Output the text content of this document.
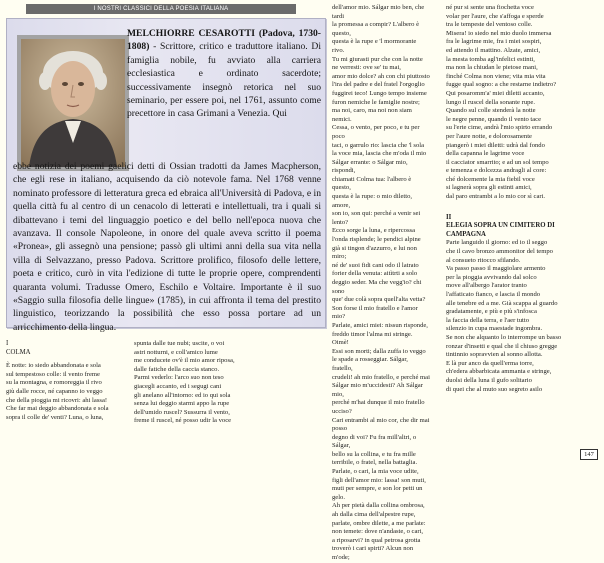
I NOSTRI CLASSICI DELLA POESIA ITALIANA
MELCHIORRE CESAROTTI (Padova, 1730-1808) - Scrittore, critico e traduttore italiano. Di famiglia nobile, fu avviato alla carriera ecclesiastica e ordinato sacerdote; successivamente insegnò retorica nel suo seminario, per essere poi, nel 1761, assunto come precettore in casa Grimani a Venezia. Qui
ebbe notizia dei poemi gaelici detti di Ossian tradotti da James Macpherson, che egli rese in italiano, acquisendo da ciò notevole fama. Nel 1768 venne nominato professore di letteratura greca ed ebraica all'Università di Padova, e in quella città fu al centro di un cenacolo di letterati e intellettuali, tra i quali si dibattevano i temi del linguaggio poetico e del bello nell'epoca nuova che avanzava. Il console Napoleone, in onore del quale aveva scritto il poema «Pronea», gli assegnò una pensione; passò gli ultimi anni della sua vita nella villa di Selvazzano, presso Padova. Scrittore prolifico, filosofo delle lettere, poeta e critico, curò in vita l'edizione di tutte le proprie opere, comprendenti quaranta volumi. Tradusse Omero, Eschilo e Voltaire. Importante è il suo «Saggio sulla filosofia delle lingue» (1785), in cui affronta il tema del prestito linguistico, teorizzando la possibilità che esso possa portare ad un arricchimento della lingua.

I

COLMA

È notte: io siedo abbandonata e sola
sul tempestoso colle: il vento freme
su la montagna, e romoreggia il rivo
giù dalle rocce, né capanno io veggo
che della pioggia mi ricovri: ahi lassa!
Che far mai deggio abbandonata e sola
sopra il colle de' venti? Luna, o luna,

spunta dalle tue nubi; uscite, o voi
astri notturni, e coll'amico lume
me conducete ov'è il mio amor riposa,
dalle fatiche della caccia stanco.
Parmi vederlo: l'arco suo non teso
giacegli accanto, ed i segugi cani
gli anelano all'intorno: ed io qui sola
senza lui deggio starmi appo la rupe
dell'umido ruscel? Sussurra il vento,
freme il ruscel, né posso udir la voce

dell'amor mio. Sálgar mio ben, che tardi
la promessa a compir? L'albero è questo,
questa è la rupe e 'l mormorante rivo.
Tu mi giurasti pur che con la notte
ne verresti: ove se' tu mai,
amor mio dolce? ah con chi piuttosto
l'ira del padre e del fratel l'orgoglio
fuggirei teco! Lungo tempo insieme
furon nemiche le famiglie nostre;
ma noi, caro, ma noi non siam nemici.
Cessa, o vento, per poco, e tu per poco
taci, o garrulo rio: lascia che 'l sola
la voce mia, lascia che m'oda il mio
Sálgar errante: o Sálgar mio, rispondi,
chiamati Colma tua: l'albero è questo,
questa è la rupe: o mio diletto, amore,
son io, son qui: perché a venir sei lento?
Ecco sorge la luna, e ripercossa
l'onda risplende; le pendici alpine
già si tingon d'azzurro, e lui non miro;
né de' suoi fidi cani odo il latrato
forier della venuta: aitìtrti a solo
deggio seder. Ma che vegg'io? chi sono
que' due colà sopra quell'alta vetta?
Son forse il mio fratello e l'amor mio?
Parlate, amici miei: nissun risponde,
freddo timor l'alma mi stringe. Oimè!
Essi son morti; dalla zuffa io veggo
le spade a rosseggiar. Sálgar, fratello,
crudeli! ah mio fratello, e perché mai
Sálgar mio m'uccidesti? Ah Sálgar mio,
perché m'hai dunque il mio fratello ucciso?
Cari entrambi al mio cor, che dir mai posso
degno di voi? Fu fra mill'altri, o Sálgar,
bello su la collina, e tu fra mille
terribile, o fratel, nella battaglia.
Parlate, o cari, la mia voce udite,
figli dell'amor mio: lassa! son muti,
muti per sempre, e son lor petti un gelo.
Ah per pietà dalla collina ombrosa,
ah dalla cima dell'alpestre rupe,
parlate, ombre dilette, a me parlate:
non temete: dove n'andaste, o cari,
a riposarvi? in qual petrosa grotta
troverò i cari spirti? Alcun non m'ode;

né pur si sente una fiochetta voce
volar per l'aure, che s'affoga e sperde
tra le tempeste del ventoso colle.
Misera! io siedo nel mio duolo immersa
fra le lagrime mie, fra i miei sospiri,
ed attendo il mattino. Alzate, amici,
la mesta tomba agl'infelici estinti,
ma non la chiudan le pietose mani,
finché Colma non viene; vita mia vita
fugge qual sogno: a che restarne indietro?
Qui posaromm'a' miei diletti accanto,
lungo il ruscel della sonante rupe.
Quando sul colle stenderà la notte
le negre penne, quando il vento tace
su l'erte cime, andrà l'mio spirto errando
per l'aure notte, e dolorosamente
piangerò i miei diletti: udrà dal fondo
della capanna le lagrime voce
il cacciator smarrito; e ad un sol tempo
e temenza e dolcezza andragli al core:
ché dolcemente la mia fiebil voce
si lagnerà sopra gli estinti amici,
dal paro entrambi a lo mio cor sì cari.

II

ELEGIA SOPRA UN CIMITERO DI CAMPAGNA

Parte languido il giorno: ed io il seggo
che il cavo bronzo ammonitor del tempo
al consueto ritocco sfilando.
Va passo passo il maggiolare armento
per la pioggia avvivando dal solco
move all'albergo l'arator tranto
l'affaticato fianco, e lascia il mondo
alle tenebre ed a me. Già scappa al guardo
gradatamente, e più e più s'infosca
la faccia della terra, e l'aer tutto
silenzio in cupa maestade ingombra.
Se non che alquanto lo interrompe un basso
ronzar d'insetti e qual che il chiuso gregge
tintinnio sopravvien al sonno allotta.
E là pur anco da quell'erma torre,
ch'edera abbarbicata ammanta e stringe,
duolsi della luna il gufo solitario
di quei che al muto suo segreto asilo

147
